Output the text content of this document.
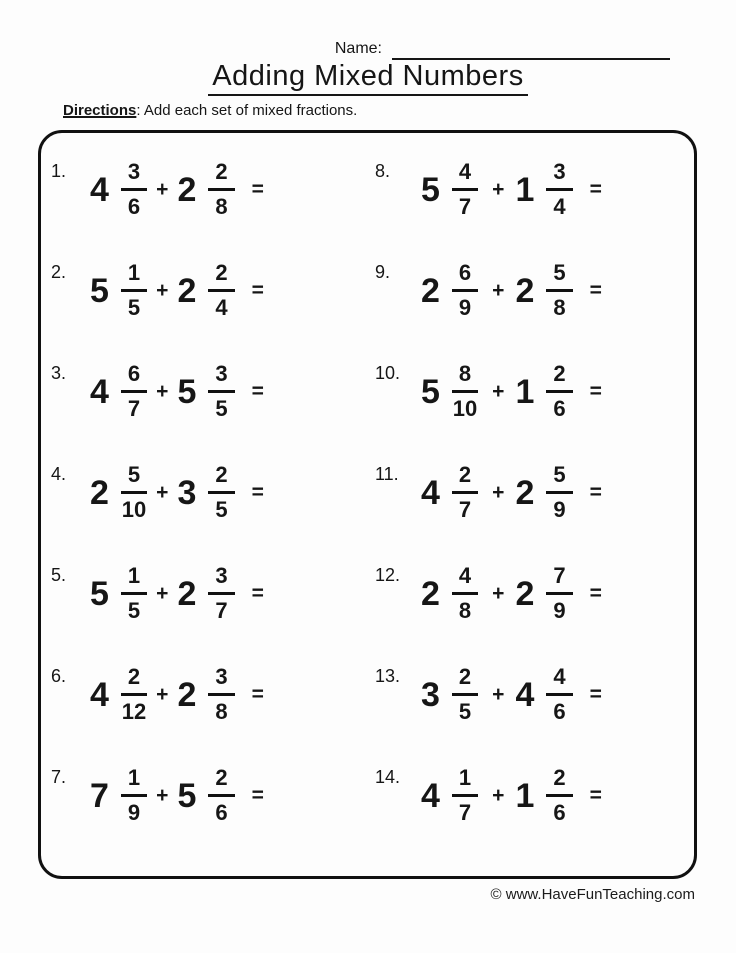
Name:
Adding Mixed Numbers

Directions: Add each set of mixed fractions.

1. $4 \frac{3}{6} + 2 \frac{2}{8}$ =
2. $5 \frac{1}{5} + 2 \frac{2}{4}$ =
3. $4 \frac{6}{7} + 5 \frac{3}{5}$ =
4. $2 \frac{5}{10} + 3 \frac{2}{5}$ =
5. $5 \frac{1}{5} + 2 \frac{3}{7}$ =
6. $4 \frac{2}{12} + 2 \frac{3}{8}$ =
7. $7 \frac{1}{9} + 5 \frac{2}{6}$ =
8. $5 \frac{4}{7} + 1 \frac{3}{4}$ =
9. $2 \frac{6}{9} + 2 \frac{5}{8}$ =
10. $5 \frac{8}{10} + 1 \frac{2}{6}$ =
11. $4 \frac{2}{7} + 2 \frac{5}{9}$ =
12. $2 \frac{4}{8} + 2 \frac{7}{9}$ =
13. $3 \frac{2}{5} + 4 \frac{4}{6}$ =
14. $4 \frac{1}{7} + 1 \frac{2}{6}$ =
© www.HaveFunTeaching.com
